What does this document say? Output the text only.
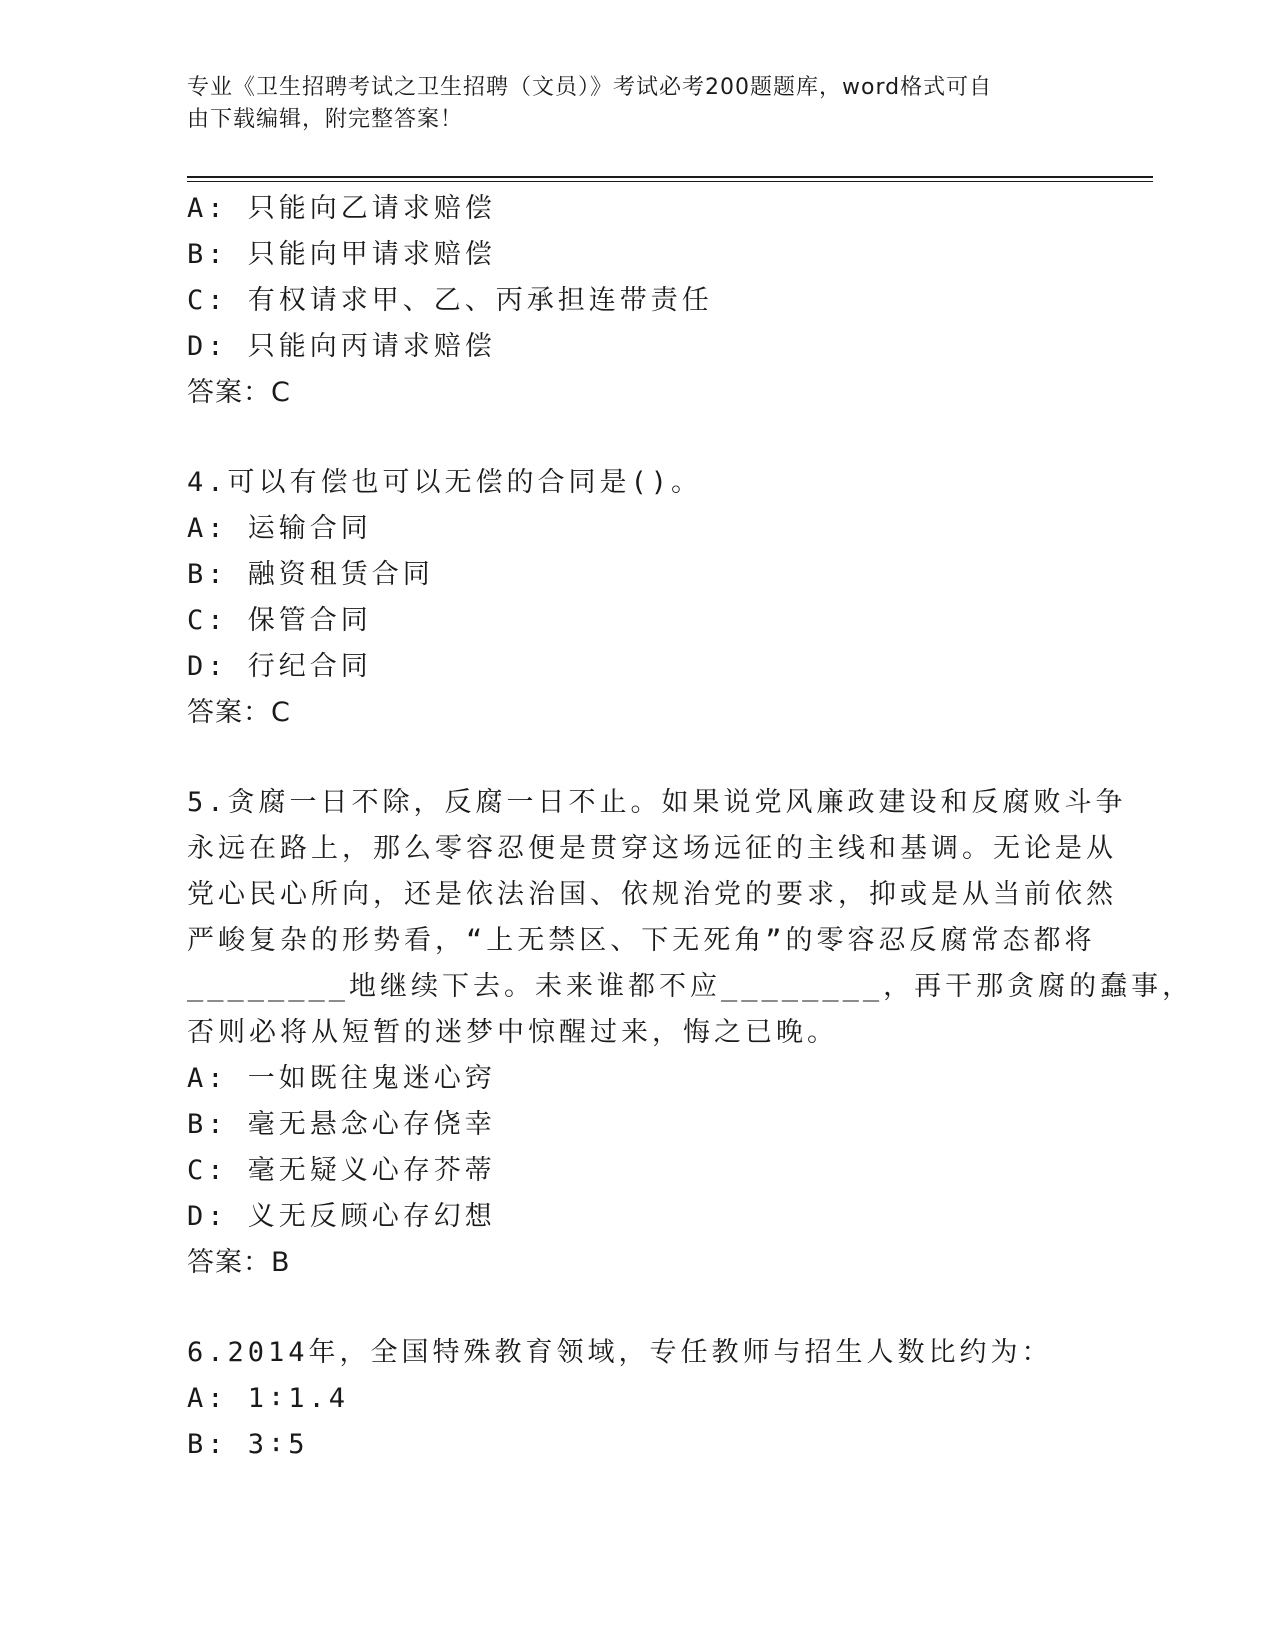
专业《卫生招聘考试之卫生招聘（文员）》考试必考200题题库，word格式可自
由下载编辑，附完整答案！
A: 只能向乙请求赔偿
B: 只能向甲请求赔偿
C: 有权请求甲、乙、丙承担连带责任
D: 只能向丙请求赔偿
答案：C
4.可以有偿也可以无偿的合同是()。
A: 运输合同
B: 融资租赁合同
C: 保管合同
D: 行纪合同
答案：C
5.贪腐一日不除，反腐一日不止。如果说党风廉政建设和反腐败斗争
永远在路上，那么零容忍便是贯穿这场远征的主线和基调。无论是从
党心民心所向，还是依法治国、依规治党的要求，抑或是从当前依然
严峻复杂的形势看，“上无禁区、下无死角”的零容忍反腐常态都将
________地继续下去。未来谁都不应________，再干那贪腐的蠢事，
否则必将从短暂的迷梦中惊醒过来，悔之已晚。
A: 一如既往鬼迷心窍
B: 毫无悬念心存侥幸
C: 毫无疑义心存芥蒂
D: 义无反顾心存幻想
答案：B
6.2014年，全国特殊教育领域，专任教师与招生人数比约为：
A: 1∶1.4
B: 3∶5
